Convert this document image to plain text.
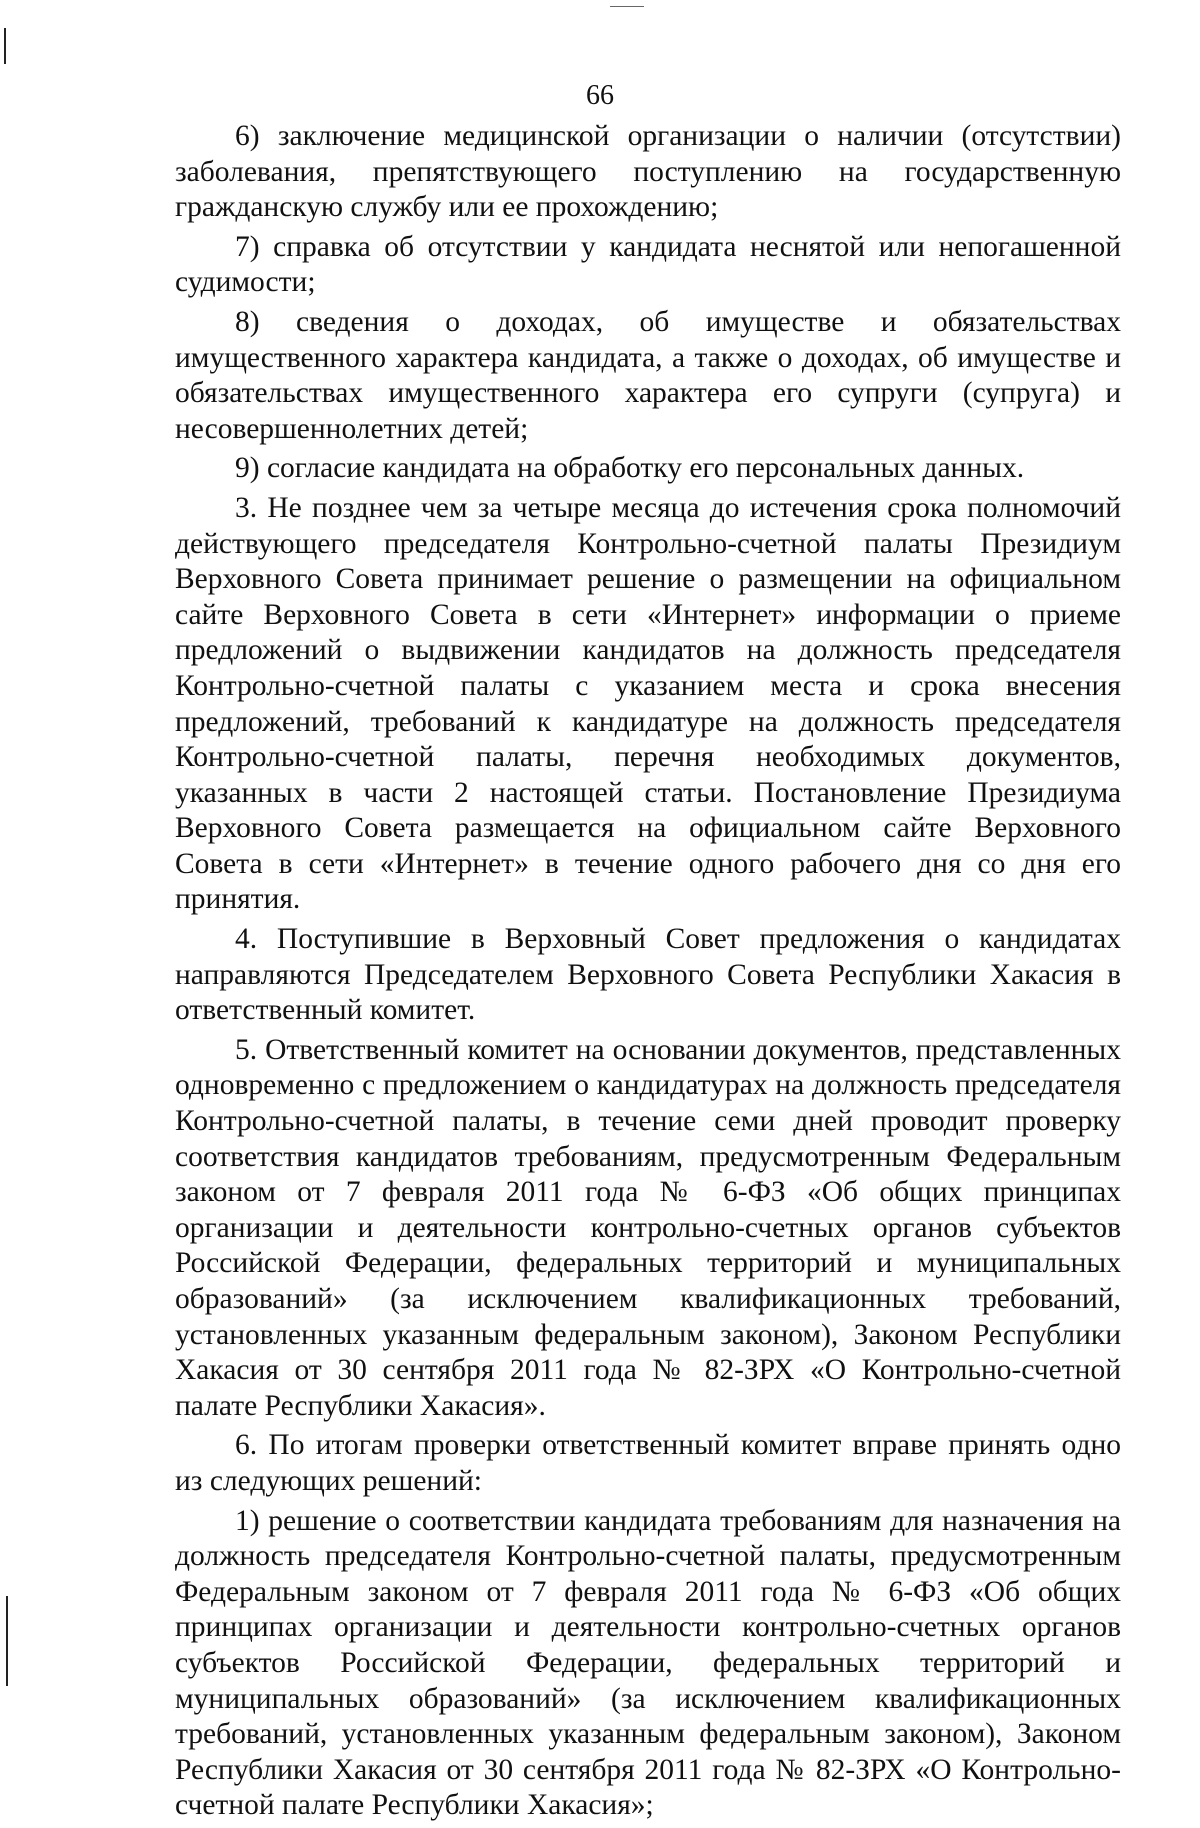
66

6) заключение медицинской организации о наличии (отсутствии) заболевания, препятствующего поступлению на государственную гражданскую службу или ее прохождению;

7) справка об отсутствии у кандидата неснятой или непогашенной судимости;

8) сведения о доходах, об имуществе и обязательствах имущественного характера кандидата, а также о доходах, об имуществе и обязательствах имущественного характера его супруги (супруга) и несовершеннолетних детей;

9) согласие кандидата на обработку его персональных данных.

3. Не позднее чем за четыре месяца до истечения срока полномочий действующего председателя Контрольно-счетной палаты Президиум Верховного Совета принимает решение о размещении на официальном сайте Верховного Совета в сети «Интернет» информации о приеме предложений о выдвижении кандидатов на должность председателя Контрольно-счетной палаты с указанием места и срока внесения предложений, требований к кандидатуре на должность председателя Контрольно-счетной палаты, перечня необходимых документов, указанных в части 2 настоящей статьи. Постановление Президиума Верховного Совета размещается на официальном сайте Верховного Совета в сети «Интернет» в течение одного рабочего дня со дня его принятия.

4. Поступившие в Верховный Совет предложения о кандидатах направляются Председателем Верховного Совета Республики Хакасия в ответственный комитет.

5. Ответственный комитет на основании документов, представленных одновременно с предложением о кандидатурах на должность председателя Контрольно-счетной палаты, в течение семи дней проводит проверку соответствия кандидатов требованиям, предусмотренным Федеральным законом от 7 февраля 2011 года № 6-ФЗ «Об общих принципах организации и деятельности контрольно-счетных органов субъектов Российской Федерации, федеральных территорий и муниципальных образований» (за исключением квалификационных требований, установленных указанным федеральным законом), Законом Республики Хакасия от 30 сентября 2011 года № 82-ЗРХ «О Контрольно-счетной палате Республики Хакасия».

6. По итогам проверки ответственный комитет вправе принять одно из следующих решений:

1) решение о соответствии кандидата требованиям для назначения на должность председателя Контрольно-счетной палаты, предусмотренным Федеральным законом от 7 февраля 2011 года № 6-ФЗ «Об общих принципах организации и деятельности контрольно-счетных органов субъектов Российской Федерации, федеральных территорий и муниципальных образований» (за исключением квалификационных требований, установленных указанным федеральным законом), Законом Республики Хакасия от 30 сентября 2011 года № 82-ЗРХ «О Контрольно-счетной палате Республики Хакасия»;
